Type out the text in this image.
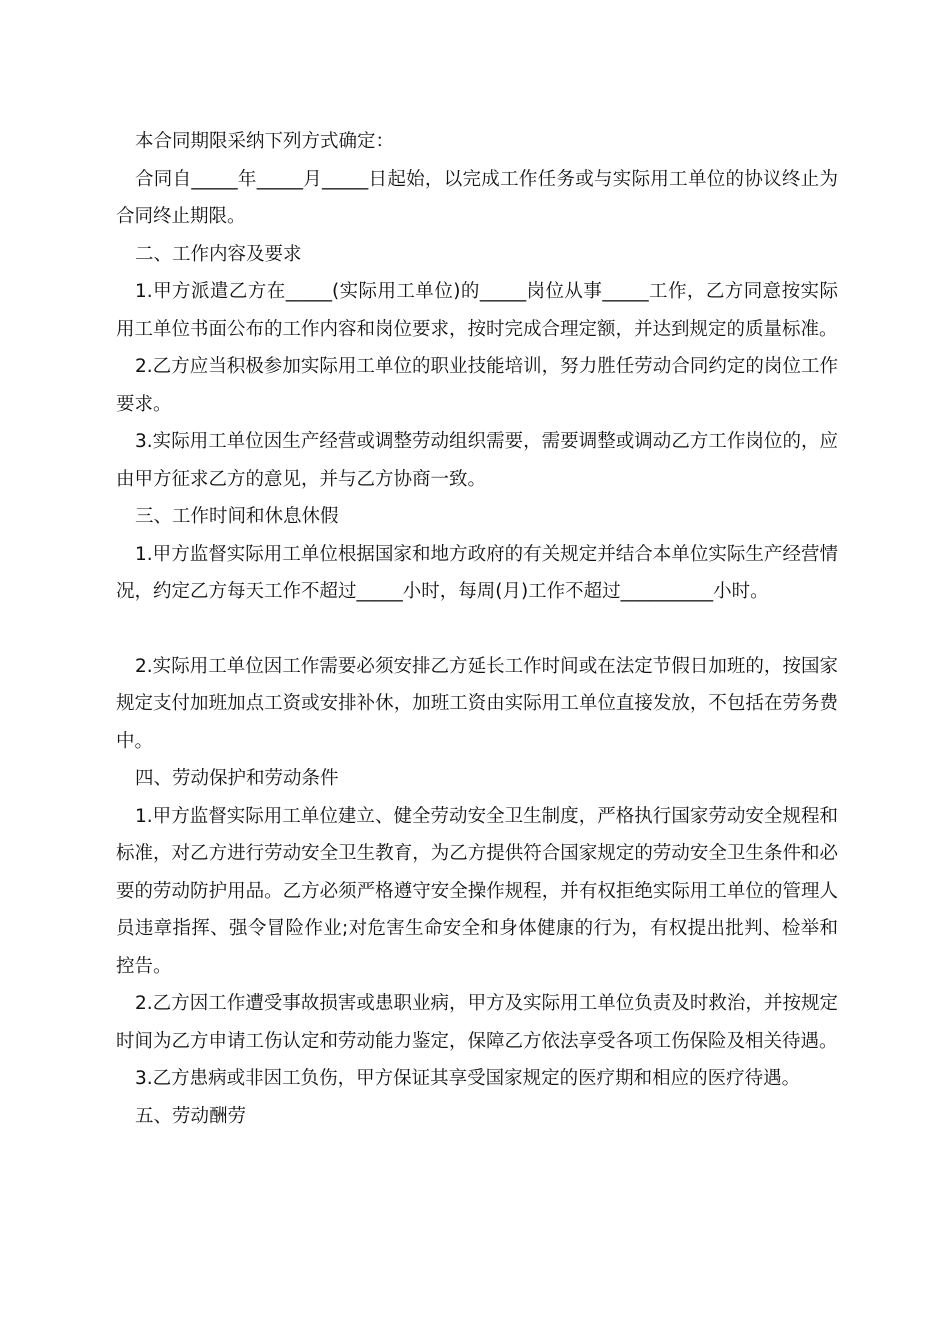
本合同期限采纳下列方式确定：

合同自_____年_____月_____日起始，以完成工作任务或与实际用工单位的协议终止为合同终止期限。

二、工作内容及要求

1.甲方派遣乙方在_____(实际用工单位)的_____岗位从事_____工作，乙方同意按实际用工单位书面公布的工作内容和岗位要求，按时完成合理定额，并达到规定的质量标准。

2.乙方应当积极参加实际用工单位的职业技能培训，努力胜任劳动合同约定的岗位工作要求。

3.实际用工单位因生产经营或调整劳动组织需要，需要调整或调动乙方工作岗位的，应由甲方征求乙方的意见，并与乙方协商一致。

三、工作时间和休息休假

1.甲方监督实际用工单位根据国家和地方政府的有关规定并结合本单位实际生产经营情况，约定乙方每天工作不超过_____小时，每周(月)工作不超过__________小时。

2.实际用工单位因工作需要必须安排乙方延长工作时间或在法定节假日加班的，按国家规定支付加班加点工资或安排补休，加班工资由实际用工单位直接发放，不包括在劳务费中。

四、劳动保护和劳动条件

1.甲方监督实际用工单位建立、健全劳动安全卫生制度，严格执行国家劳动安全规程和标准，对乙方进行劳动安全卫生教育，为乙方提供符合国家规定的劳动安全卫生条件和必要的劳动防护用品。乙方必须严格遵守安全操作规程，并有权拒绝实际用工单位的管理人员违章指挥、强令冒险作业;对危害生命安全和身体健康的行为，有权提出批判、检举和控告。

2.乙方因工作遭受事故损害或患职业病，甲方及实际用工单位负责及时救治，并按规定时间为乙方申请工伤认定和劳动能力鉴定，保障乙方依法享受各项工伤保险及相关待遇。

3.乙方患病或非因工负伤，甲方保证其享受国家规定的医疗期和相应的医疗待遇。

五、劳动酬劳
